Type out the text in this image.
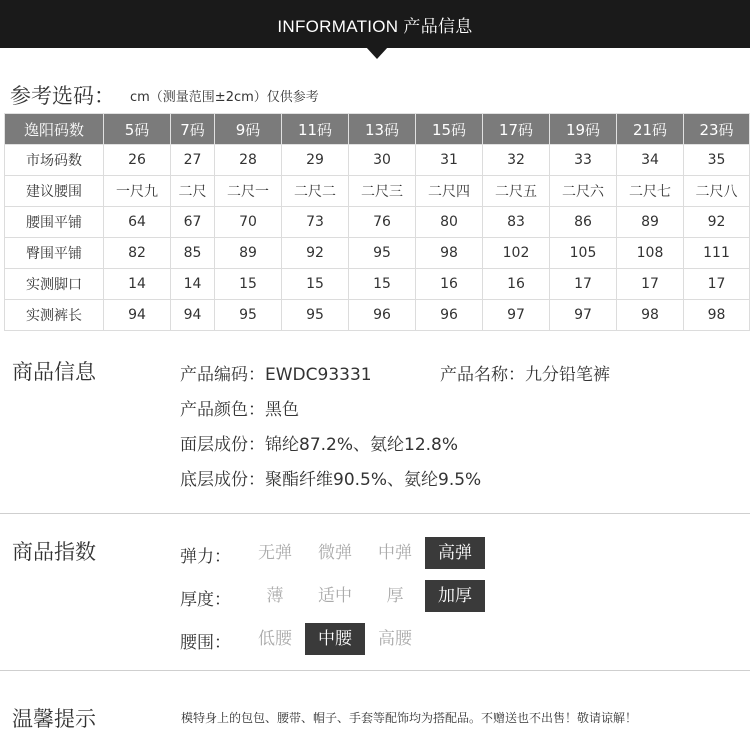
INFORMATION 产品信息
参考选码： cm（测量范围±2cm）仅供参考
逸阳码数	5码	7码	9码	11码	13码	15码	17码	19码	21码	23码
市场码数	26	27	28	29	30	31	32	33	34	35
建议腰围	一尺九	二尺	二尺一	二尺二	二尺三	二尺四	二尺五	二尺六	二尺七	二尺八
腰围平铺	64	67	70	73	76	80	83	86	89	92
臀围平铺	82	85	89	92	95	98	102	105	108	111
实测脚口	14	14	15	15	15	16	16	17	17	17
实测裤长	94	94	95	95	96	96	97	97	98	98
商品信息	产品编码：EWDC93331	产品名称：九分铅笔裤
产品颜色：黑色
面层成份：锦纶87.2%、氨纶12.8%
底层成份：聚酯纤维90.5%、氨纶9.5%
商品指数	弹力：	无弹	微弹	中弹	高弹
厚度：	薄	适中	厚	加厚
腰围：	低腰	中腰	高腰
温馨提示	模特身上的包包、腰带、帽子、手套等配饰均为搭配品。不赠送也不出售！敬请谅解！
